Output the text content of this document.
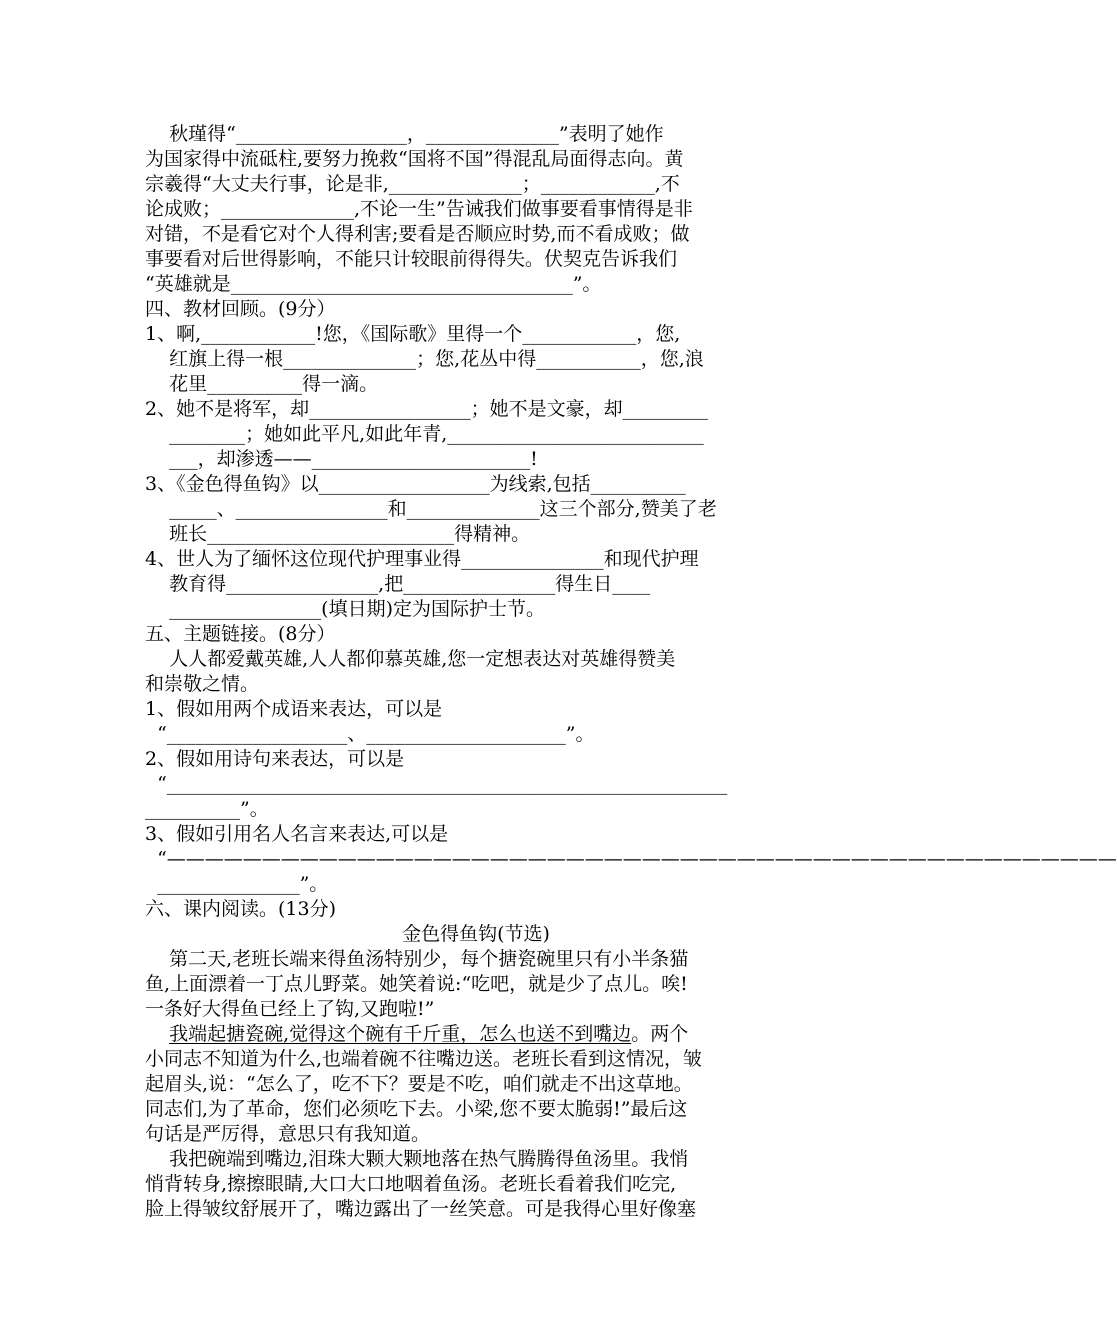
秋瑾得“__________________，______________”表明了她作
为国家得中流砥柱,要努力挽救“国将不国”得混乱局面得志向。黄
宗羲得“大丈夫行事，论是非,______________；____________,不
论成败；______________,不论一生”告诫我们做事要看事情得是非
对错，不是看它对个人得利害;要看是否顺应时势,而不看成败；做
事要看对后世得影响，不能只计较眼前得得失。伏契克告诉我们
“英雄就是____________________________________”。
四、教材回顾。(9分）
1、啊,____________!您，《国际歌》里得一个____________，您,
红旗上得一根______________；您,花丛中得___________，您,浪
花里__________得一滴。
2、她不是将军，却_________________；她不是文豪，却_________
________；她如此平凡,如此年青,___________________________
___，却渗透——_______________________!
3、《金色得鱼钩》以__________________为线索,包括__________
_____、________________和______________这三个部分,赞美了老
班长__________________________得精神。
4、世人为了缅怀这位现代护理事业得_______________和现代护理
教育得________________,把________________得生日____
________________(填日期)定为国际护士节。
五、主题链接。(8分）
人人都爱戴英雄,人人都仰慕英雄,您一定想表达对英雄得赞美
和崇敬之情。
1、假如用两个成语来表达，可以是
“___________________、_____________________”。
2、假如用诗句来表达，可以是
“___________________________________________________________
__________”。
3、假如引用名人名言来表达,可以是
“——————————————————————————————————————————————————
_______________”。
六、课内阅读。(13分)
金色得鱼钩(节选)
第二天,老班长端来得鱼汤特别少，每个搪瓷碗里只有小半条猫
鱼,上面漂着一丁点儿野菜。她笑着说:“吃吧，就是少了点儿。唉!
一条好大得鱼已经上了钩,又跑啦!”
我端起搪瓷碗,觉得这个碗有千斤重，怎么也送不到嘴边。两个
小同志不知道为什么,也端着碗不往嘴边送。老班长看到这情况，皱
起眉头,说：“怎么了，吃不下？要是不吃，咱们就走不出这草地。
同志们,为了革命，您们必须吃下去。小梁,您不要太脆弱!”最后这
句话是严厉得，意思只有我知道。
我把碗端到嘴边,泪珠大颗大颗地落在热气腾腾得鱼汤里。我悄
悄背转身,擦擦眼睛,大口大口地咽着鱼汤。老班长看着我们吃完,
脸上得皱纹舒展开了，嘴边露出了一丝笑意。可是我得心里好像塞
